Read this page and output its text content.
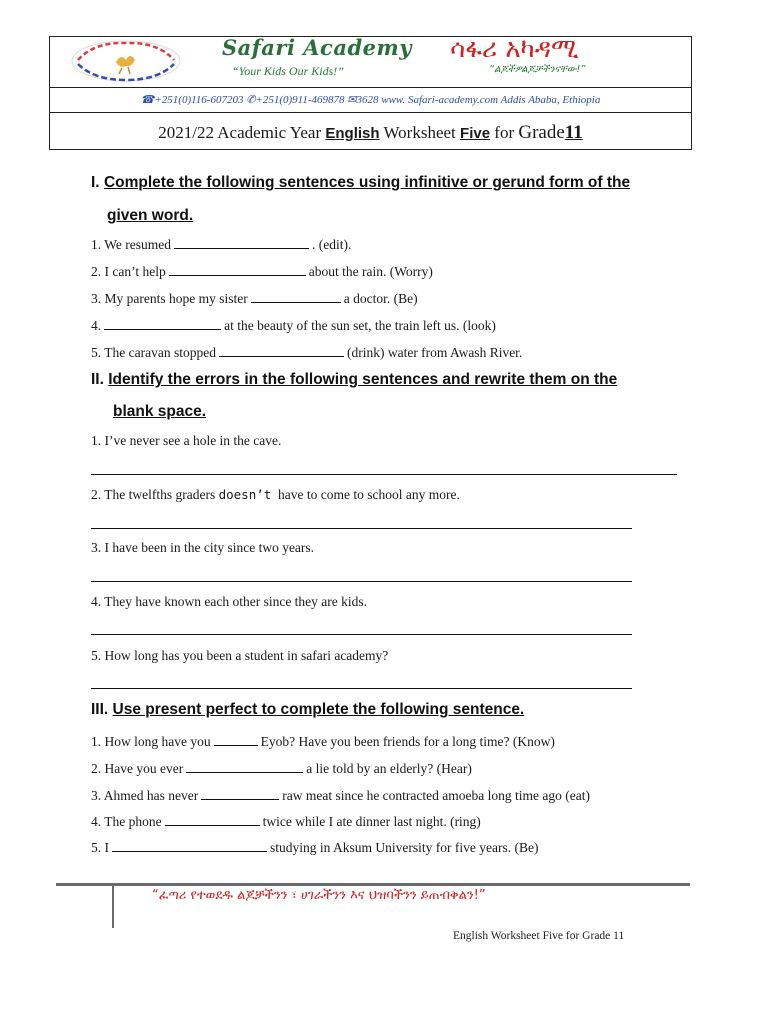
Safari Academy
“Your Kids Our Kids!”
ሳፋሪ አካዳሚ
“ልጆችዎልጆቻችንናቸው!”
☎+251(0)116-607203 ✆+251(0)911-469878 ✉3628 www. Safari-academy.com Addis Ababa, Ethiopia
2021/22 Academic Year English Worksheet Five for Grade11
I. Complete the following sentences using infinitive or gerund form of the
given word.
1. We resumed	. (edit).
2. I can’t help	about the rain. (Worry)
3. My parents hope my sister	a doctor. (Be)
4.	at the beauty of the sun set, the train left us. (look)
5. The caravan stopped	(drink) water from Awash River.
II. Identify the errors in the following sentences and rewrite them on the
blank space.
1. I’ve never see a hole in the cave.
2. The twelfths graders doesn’t have to come to school any more.
3. I have been in the city since two years.
4. They have known each other since they are kids.
5. How long has you been a student in safari academy?
III. Use present perfect to complete the following sentence.
1. How long have you	Eyob? Have you been friends for a long time? (Know)
2. Have you ever	a lie told by an elderly? (Hear)
3. Ahmed has never	raw meat since he contracted amoeba long time ago (eat)
4. The phone	twice while I ate dinner last night. (ring)
5. I	studying in Aksum University for five years. (Be)
“ፈጣሪ የተወደዱ ልጆቻችንን ፣ ሀገራችንን እና ህዝባችንን ይጠብቅልን!”
English Worksheet Five for Grade 11
